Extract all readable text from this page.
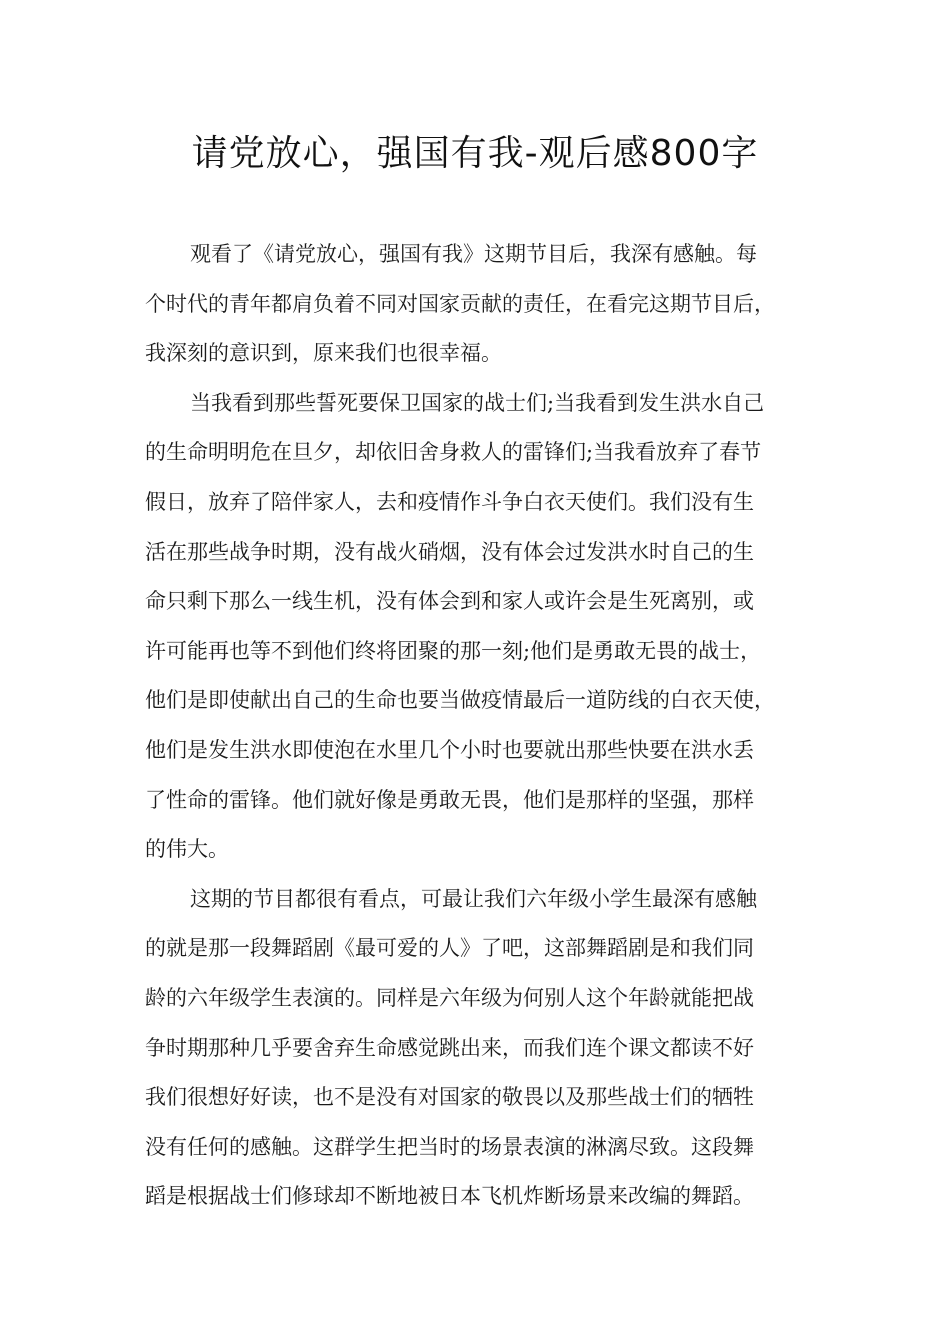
请党放心，强国有我-观后感800字
观看了《请党放心，强国有我》这期节目后，我深有感触。每
个时代的青年都肩负着不同对国家贡献的责任，在看完这期节目后，
我深刻的意识到，原来我们也很幸福。
当我看到那些誓死要保卫国家的战士们;当我看到发生洪水自己
的生命明明危在旦夕，却依旧舍身救人的雷锋们;当我看放弃了春节
假日，放弃了陪伴家人，去和疫情作斗争白衣天使们。我们没有生
活在那些战争时期，没有战火硝烟，没有体会过发洪水时自己的生
命只剩下那么一线生机，没有体会到和家人或许会是生死离别，或
许可能再也等不到他们终将团聚的那一刻;他们是勇敢无畏的战士，
他们是即使献出自己的生命也要当做疫情最后一道防线的白衣天使，
他们是发生洪水即使泡在水里几个小时也要就出那些快要在洪水丢
了性命的雷锋。他们就好像是勇敢无畏，他们是那样的坚强，那样
的伟大。
这期的节目都很有看点，可最让我们六年级小学生最深有感触
的就是那一段舞蹈剧《最可爱的人》了吧，这部舞蹈剧是和我们同
龄的六年级学生表演的。同样是六年级为何别人这个年龄就能把战
争时期那种几乎要舍弃生命感觉跳出来，而我们连个课文都读不好
我们很想好好读，也不是没有对国家的敬畏以及那些战士们的牺牲
没有任何的感触。这群学生把当时的场景表演的淋漓尽致。这段舞
蹈是根据战士们修球却不断地被日本飞机炸断场景来改编的舞蹈。
